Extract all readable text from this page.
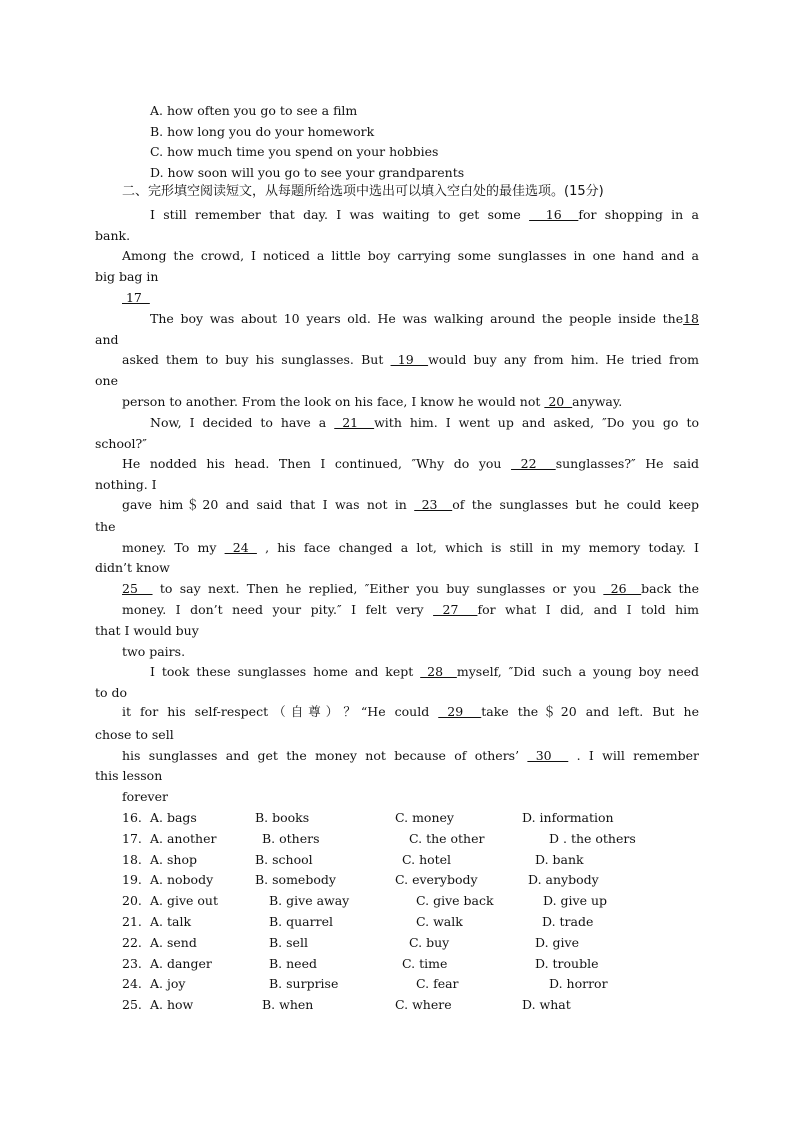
A. how often you go to see a film
B. how long you do your homework
C. how much time you spend on your hobbies
D. how soon will you go to see your grandparents
二、完形填空阅读短文，从每题所给选项中选出可以填入空白处的最佳选项。(15分)
I still remember that day. I was waiting to get some   16  for shopping in a
bank.
Among the crowd, I noticed a little boy carrying some sunglasses in one hand and a
big bag in
17
The boy was about 10 years old. He was walking around the people inside the18
and
asked them to buy his sunglasses. But  19  would buy any from him. He tried from
one
person to another. From the look on his face, I know he would not  20  anyway.
Now, I decided to have a  21  with him. I went up and asked, ″Do you go to
school?″
He nodded his head. Then I continued, ″Why do you  22  sunglasses?″ He said
nothing. I
gave him＄20 and said that I was not in  23  of the sunglasses but he could keep
the
money. To my  24  , his face changed a lot, which is still in my memory today. I
didn’t know
25   to say next. Then he replied, ″Either you buy sunglasses or you  26  back the
money. I don’t need your pity.″ I felt very  27  for what I did, and I told him
that I would buy
two pairs.
I took these sunglasses home and kept  28  myself, ″Did such a young boy need
to do
it for his self-respect（自尊）？“He could  29  take the＄20 and left. But he
chose to sell
his sunglasses and get the money not because of others’  30   . I will remember
this lesson
forever
16. A. bags	B. books	C. money	D. information
17. A. another	B. others	C. the other	D . the others
18. A. shop	B. school	C. hotel	D. bank
19. A. nobody	B. somebody	C. everybody	D. anybody
20. A. give out	B. give away	C. give back	D. give up
21. A. talk	B. quarrel	C. walk	D. trade
22. A. send	B. sell	C. buy	D. give
23. A. danger	B. need	C. time	D. trouble
24. A. joy	B. surprise	C. fear	D. horror
25. A. how	B. when	C. where	D. what
